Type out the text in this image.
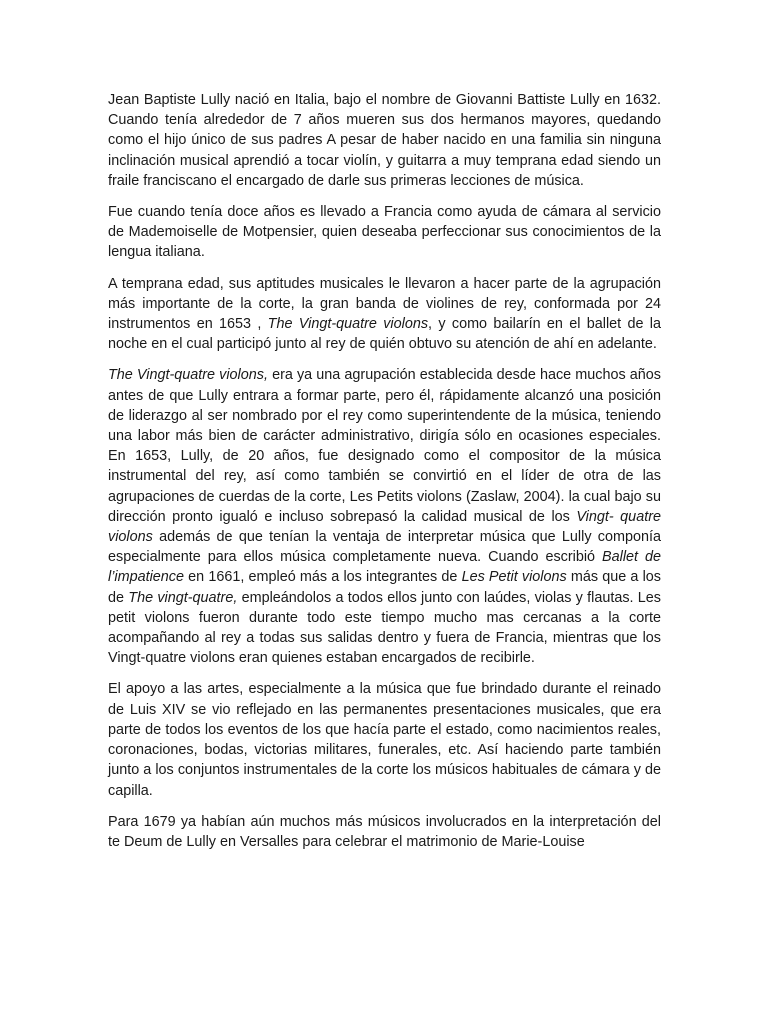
Jean Baptiste Lully nació en Italia, bajo el nombre de Giovanni Battiste Lully en 1632. Cuando tenía alrededor de 7 años mueren sus dos hermanos mayores, quedando como el hijo único de sus padres A pesar de haber nacido en una familia sin ninguna inclinación musical aprendió a tocar violín, y guitarra a muy temprana edad siendo un fraile franciscano el encargado de darle sus primeras lecciones de música.

Fue cuando tenía doce años es llevado a Francia como ayuda de cámara al servicio de Mademoiselle de Motpensier, quien deseaba perfeccionar sus conocimientos de la lengua italiana.

A temprana edad, sus aptitudes musicales le llevaron a hacer parte de la agrupación más importante de la corte, la gran banda de violines de rey, conformada por 24 instrumentos en 1653 , The Vingt-quatre violons, y como bailarín en el ballet de la noche en el cual participó junto al rey de quién obtuvo su atención de ahí en adelante.

The Vingt-quatre violons, era ya una agrupación establecida desde hace muchos años antes de que Lully entrara a formar parte, pero él, rápidamente alcanzó una posición de liderazgo al ser nombrado por el rey como superintendente de la música, teniendo una labor más bien de carácter administrativo, dirigía sólo en ocasiones especiales. En 1653, Lully, de 20 años, fue designado como el compositor de la música instrumental del rey, así como también se convirtió en el líder de otra de las agrupaciones de cuerdas de la corte, Les Petits violons (Zaslaw, 2004). la cual bajo su dirección pronto igualó e incluso sobrepasó la calidad musical de los Vingt- quatre violons además de que tenían la ventaja de interpretar música que Lully componía especialmente para ellos música completamente nueva. Cuando escribió Ballet de l’impatience en 1661, empleó más a los integrantes de Les Petit violons más que a los de The vingt-quatre, empleándolos a todos ellos junto con laúdes, violas y flautas. Les petit violons fueron durante todo este tiempo mucho mas cercanas a la corte acompañando al rey a todas sus salidas dentro y fuera de Francia, mientras que los Vingt-quatre violons eran quienes estaban encargados de recibirle.

El apoyo a las artes, especialmente a la música que fue brindado durante el reinado de Luis XIV se vio reflejado en las permanentes presentaciones musicales, que era parte de todos los eventos de los que hacía parte el estado, como nacimientos reales, coronaciones, bodas, victorias militares, funerales, etc. Así haciendo parte también junto a los conjuntos instrumentales de la corte los músicos habituales de cámara y de capilla.

Para 1679 ya habían aún muchos más músicos involucrados en la interpretación del te Deum de Lully en Versalles para celebrar el matrimonio de Marie-Louise
